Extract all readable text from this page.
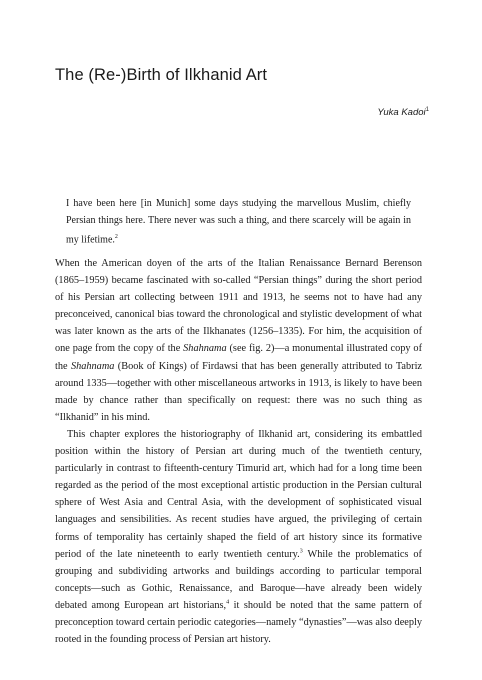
The (Re-)Birth of Ilkhanid Art
Yuka Kadoi$^1$

I have been here [in Munich] some days studying the marvellous Muslim, chiefly Persian things here. There never was such a thing, and there scarcely will be again in my lifetime.$^2$

When the American doyen of the arts of the Italian Renaissance Bernard Berenson (1865–1959) became fascinated with so-called “Persian things” during the short period of his Persian art collecting between 1911 and 1913, he seems not to have had any preconceived, canonical bias toward the chronological and stylistic development of what was later known as the arts of the Ilkhanates (1256–1335). For him, the acquisition of one page from the copy of the Shahnama (see fig. 2)—a monumental illustrated copy of the Shahnama (Book of Kings) of Firdawsi that has been generally attributed to Tabriz around 1335—together with other miscellaneous artworks in 1913, is likely to have been made by chance rather than specifically on request: there was no such thing as “Ilkhanid” in his mind.

This chapter explores the historiography of Ilkhanid art, considering its embattled position within the history of Persian art during much of the twentieth century, particularly in contrast to fifteenth-century Timurid art, which had for a long time been regarded as the period of the most exceptional artistic production in the Persian cultural sphere of West Asia and Central Asia, with the development of sophisticated visual languages and sensibilities. As recent studies have argued, the privileging of certain forms of temporality has certainly shaped the field of art history since its formative period of the late nineteenth to early twentieth century.$^3$ While the problematics of grouping and subdividing artworks and buildings according to particular temporal concepts—such as Gothic, Renaissance, and Baroque—have already been widely debated among European art historians,$^4$ it should be noted that the same pattern of preconception toward certain periodic categories—namely “dynasties”—was also deeply rooted in the founding process of Persian art history.
